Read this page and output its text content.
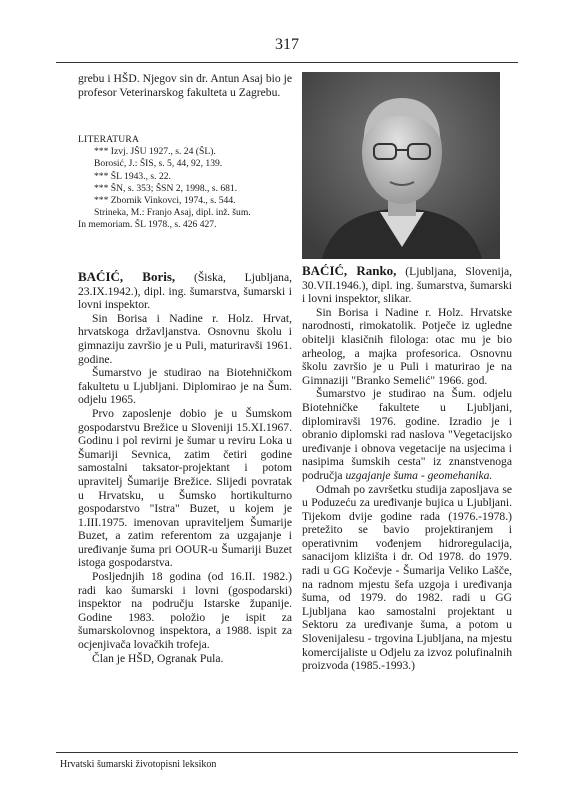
317

grebu i HŠD. Njegov sin dr. Antun Asaj bio je profesor Veterinarskog fakulteta u Zagrebu.

LITERATURA
*** Izvj. JŠU 1927., s. 24 (ŠL).
Borosić, J.: ŠIS, s. 5, 44, 92, 139.
*** ŠL 1943., s. 22.
*** ŠN, s. 353; ŠSN 2, 1998., s. 681.
*** Zbornik Vinkovci, 1974., s. 544.
Strineka, M.: Franjo Asaj, dipl. inž. šum.
In memoriam. ŠL 1978., s. 426 427.

BAĆIĆ, Boris, (Šiska, Ljubljana, 23.IX.1942.), dipl. ing. šumarstva, šumarski i lovni inspektor.

Sin Borisa i Nadine r. Holz. Hrvat, hrvatskoga državljanstva. Osnovnu školu i gimnaziju završio je u Puli, maturiravši 1961. godine.

Šumarstvo je studirao na Biotehničkom fakultetu u Ljubljani. Diplomirao je na Šum. odjelu 1965.

Prvo zaposlenje dobio je u Šumskom gospodarstvu Brežice u Sloveniji 15.XI.1967. Godinu i pol revirni je šumar u reviru Loka u Šumariji Sevnica, zatim četiri godine samostalni taksator-projektant i potom upravitelj Šumarije Brežice. Slijedi povratak u Hrvatsku, u Šumsko hortikulturno gospodarstvo "Istra" Buzet, u kojem je 1.III.1975. imenovan upraviteljem Šumarije Buzet, a zatim referentom za uzgajanje i uređivanje šuma pri OOUR-u Šumariji Buzet istoga gospodarstva.

Posljednjih 18 godina (od 16.II. 1982.) radi kao šumarski i lovni (gospodarski) inspektor na području Istarske županije. Godine 1983. položio je ispit za šumarskolovnog inspektora, a 1988. ispit za ocjenjivača lovačkih trofeja.

Član je HŠD, Ogranak Pula.

BAĆIĆ, Ranko, (Ljubljana, Slovenija, 30.VII.1946.), dipl. ing. šumarstva, šumarski i lovni inspektor, slikar.

Sin Borisa i Nadine r. Holz. Hrvatske narodnosti, rimokatolik. Potječe iz ugledne obitelji klasičnih filologa: otac mu je bio arheolog, a majka profesorica. Osnovnu školu završio je u Puli i maturirao je na Gimnaziji "Branko Semelić" 1966. god.

Šumarstvo je studirao na Šum. odjelu Biotehničke fakultete u Ljubljani, diplomiravši 1976. godine. Izradio je i obranio diplomski rad naslova "Vegetacijsko uređivanje i obnova vegetacije na usjecima i nasipima šumskih cesta" iz znanstvenoga područja uzgajanje šuma - geomehanika.

Odmah po završetku studija zaposljava se u Poduzeću za uređivanje bujica u Ljubljani. Tijekom dvije godine rada (1976.-1978.) pretežito se bavio projektiranjem i operativnim vođenjem hidroregulacija, sanacijom klizišta i dr. Od 1978. do 1979. radi u GG Kočevje - Šumarija Veliko Lašče, na radnom mjestu šefa uzgoja i uređivanja šuma, od 1979. do 1982. radi u GG Ljubljana kao samostalni projektant u Sektoru za uređivanje šuma, a potom u Slovenijalesu - trgovina Ljubljana, na mjestu komercijaliste u Odjelu za izvoz polufinalnih proizvoda (1985.-1993.)

Hrvatski šumarski životopisni leksikon
